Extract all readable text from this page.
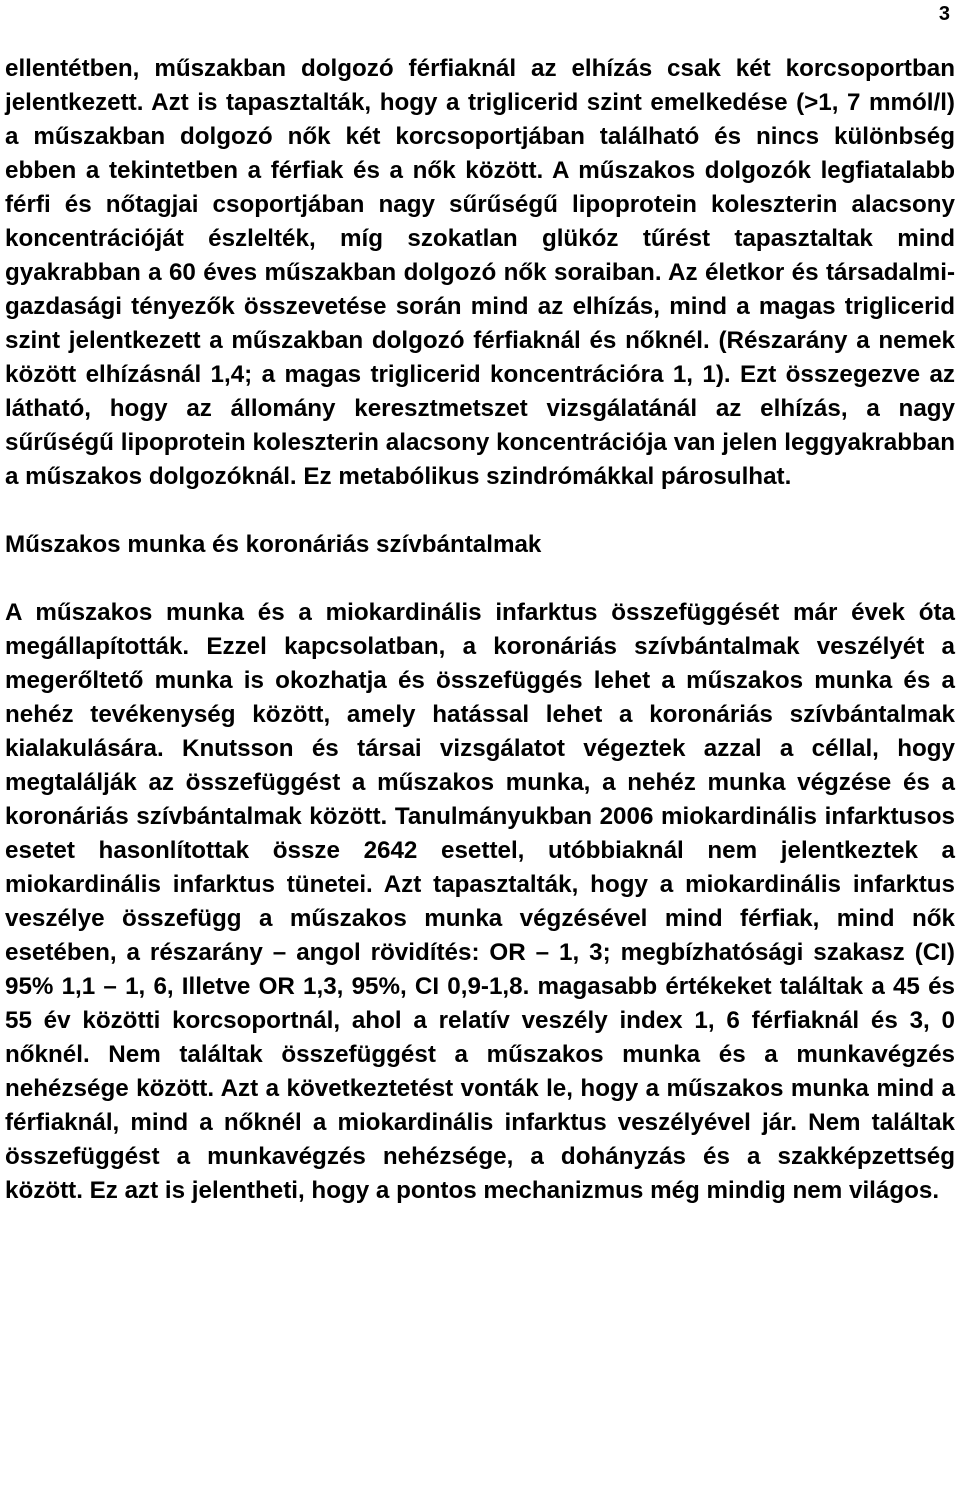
3

ellentétben, műszakban dolgozó férfiaknál az elhízás csak két korcsoportban jelentkezett. Azt is tapasztalták, hogy a triglicerid szint emelkedése (>1, 7 mmól/l) a műszakban dolgozó nők két korcsoportjában található és nincs különbség ebben a tekintetben a férfiak és a nők között. A műszakos dolgozók legfiatalabb férfi és nőtagjai csoportjában nagy sűrűségű lipoprotein koleszterin alacsony koncentrációját észlelték, míg szokatlan glükóz tűrést tapasztaltak mind gyakrabban a 60 éves műszakban dolgozó nők soraiban. Az életkor és társadalmi-gazdasági tényezők összevetése során mind az elhízás, mind a magas triglicerid szint jelentkezett a műszakban dolgozó férfiaknál és nőknél. (Részarány a nemek között elhízásnál 1,4; a magas triglicerid koncentrációra 1, 1). Ezt összegezve az látható, hogy az állomány keresztmetszet vizsgálatánál az elhízás, a nagy sűrűségű lipoprotein koleszterin alacsony koncentrációja van jelen leggyakrabban a műszakos dolgozóknál. Ez metabólikus szindrómákkal párosulhat.

Műszakos munka és koronáriás szívbántalmak

A műszakos munka és a miokardinális infarktus összefüggését már évek óta megállapították. Ezzel kapcsolatban, a koronáriás szívbántalmak veszélyét a megerőltető munka is okozhatja és összefüggés lehet a műszakos munka és a nehéz tevékenység között, amely hatással lehet a koronáriás szívbántalmak kialakulására. Knutsson és társai vizsgálatot végeztek azzal a céllal, hogy megtalálják az összefüggést a műszakos munka, a nehéz munka végzése és a koronáriás szívbántalmak között. Tanulmányukban 2006 miokardinális infarktusos esetet hasonlítottak össze 2642 esettel, utóbbiaknál nem jelentkeztek a miokardinális infarktus tünetei. Azt tapasztalták, hogy a miokardinális infarktus veszélye összefügg a műszakos munka végzésével mind férfiak, mind nők esetében, a részarány – angol rövidítés: OR – 1, 3; megbízhatósági szakasz (CI) 95% 1,1 – 1, 6, Illetve OR 1,3, 95%, CI 0,9-1,8. magasabb értékeket találtak a 45 és 55 év közötti korcsoportnál, ahol a relatív veszély index 1, 6 férfiaknál és 3, 0 nőknél. Nem találtak összefüggést a műszakos munka és a munkavégzés nehézsége között. Azt a következtetést vonták le, hogy a műszakos munka mind a férfiaknál, mind a nőknél a miokardinális infarktus veszélyével jár. Nem találtak összefüggést a munkavégzés nehézsége, a dohányzás és a szakképzettség között. Ez azt is jelentheti, hogy a pontos mechanizmus még mindig nem világos.
